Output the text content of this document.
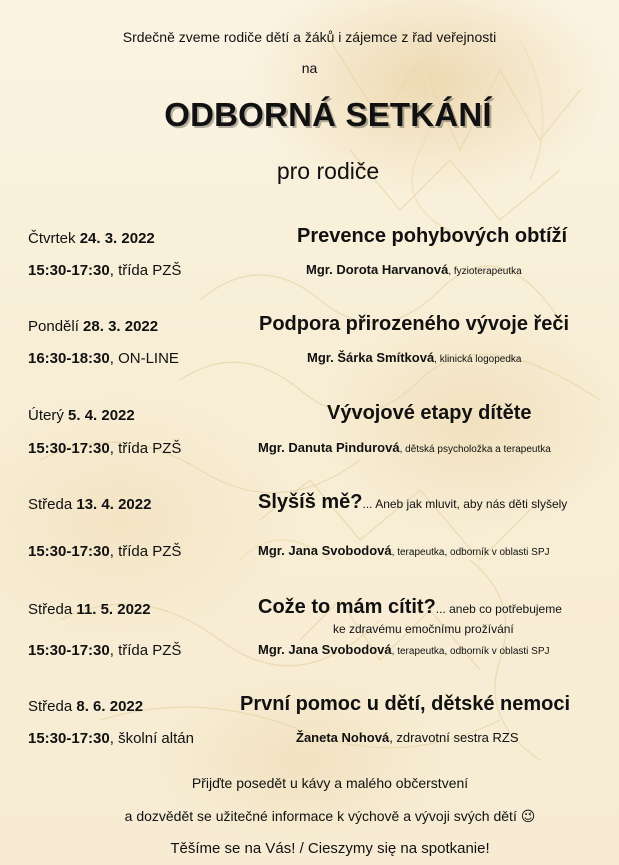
Srdečně zveme rodiče dětí a žáků i zájemce z řad veřejnosti
na
ODBORNÁ SETKÁNÍ
pro rodiče
Čtvrtek 24. 3. 2022	Prevence pohybových obtíží
15:30-17:30, třída PZŠ	Mgr. Dorota Harvanová, fyzioterapeutka
Pondělí 28. 3. 2022	Podpora přirozeného vývoje řeči
16:30-18:30, ON-LINE	Mgr. Šárka Smítková, klinická logopedka
Úterý 5. 4. 2022	Vývojové etapy dítěte
15:30-17:30, třída PZŠ	Mgr. Danuta Pindurová, dětská psycholožka a terapeutka
Středa 13. 4. 2022	Slyšíš mě?... Aneb jak mluvit, aby nás děti slyšely
15:30-17:30, třída PZŠ	Mgr. Jana Svobodová, terapeutka, odborník v oblasti SPJ
Středa 11. 5. 2022	Cože to mám cítit?... aneb co potřebujeme
ke zdravému emočnímu prožívání
15:30-17:30, třída PZŠ	Mgr. Jana Svobodová, terapeutka, odborník v oblasti SPJ
Středa 8. 6. 2022	První pomoc u dětí, dětské nemoci
15:30-17:30, školní altán	Žaneta Nohová, zdravotní sestra RZS
Přijďte posedět u kávy a malého občerstvení
a dozvědět se užitečné informace k výchově a vývoji svých dětí 😉
Těšíme se na Vás! / Cieszymy się na spotkanie!
